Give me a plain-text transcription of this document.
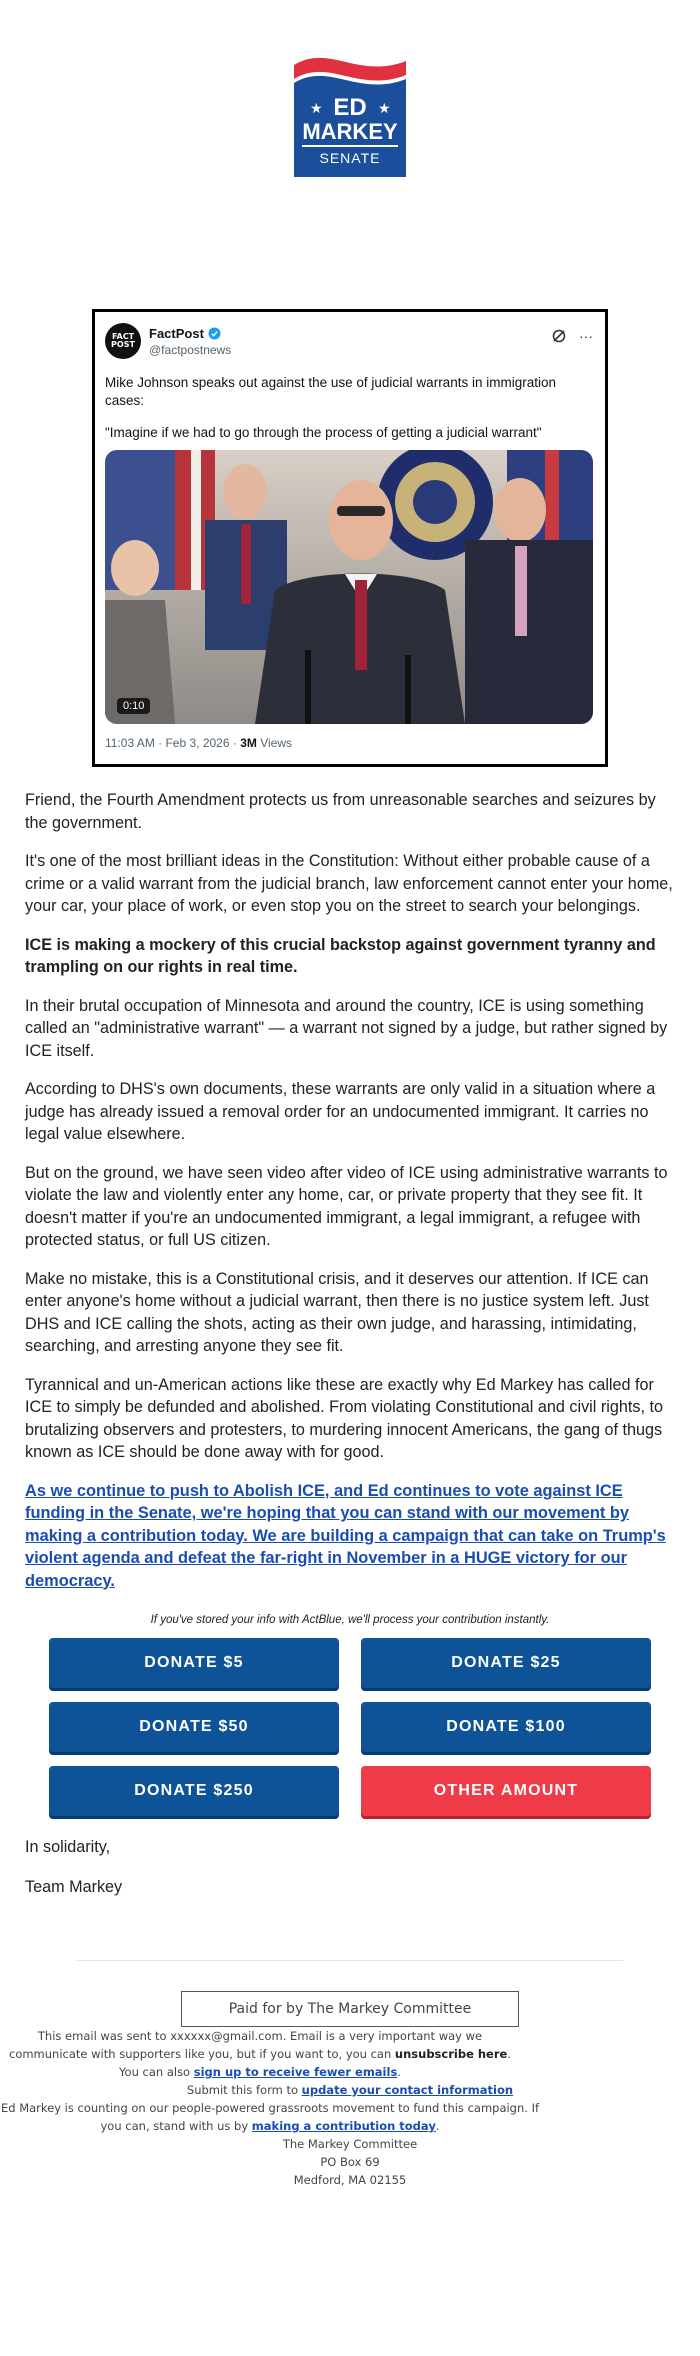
★	★
ED
MARKEY
SENATE
FACT POST
FactPost
@factpostnews
···

Mike Johnson speaks out against the use of judicial warrants in immigration cases:

"Imagine if we had to go through the process of getting a judicial warrant"

0:10
11:03 AM · Feb 3, 2026 · 3M Views

Friend, the Fourth Amendment protects us from unreasonable searches and seizures by the government.

It's one of the most brilliant ideas in the Constitution: Without either probable cause of a crime or a valid warrant from the judicial branch, law enforcement cannot enter your home, your car, your place of work, or even stop you on the street to search your belongings.

ICE is making a mockery of this crucial backstop against government tyranny and trampling on our rights in real time.

In their brutal occupation of Minnesota and around the country, ICE is using something called an "administrative warrant" — a warrant not signed by a judge, but rather signed by ICE itself.

According to DHS's own documents, these warrants are only valid in a situation where a judge has already issued a removal order for an undocumented immigrant. It carries no legal value elsewhere.

But on the ground, we have seen video after video of ICE using administrative warrants to violate the law and violently enter any home, car, or private property that they see fit. It doesn't matter if you're an undocumented immigrant, a legal immigrant, a refugee with protected status, or full US citizen.

Make no mistake, this is a Constitutional crisis, and it deserves our attention. If ICE can enter anyone's home without a judicial warrant, then there is no justice system left. Just DHS and ICE calling the shots, acting as their own judge, and harassing, intimidating, searching, and arresting anyone they see fit.

Tyrannical and un-American actions like these are exactly why Ed Markey has called for ICE to simply be defunded and abolished. From violating Constitutional and civil rights, to brutalizing observers and protesters, to murdering innocent Americans, the gang of thugs known as ICE should be done away with for good.

As we continue to push to Abolish ICE, and Ed continues to vote against ICE funding in the Senate, we're hoping that you can stand with our movement by making a contribution today. We are building a campaign that can take on Trump's violent agenda and defeat the far-right in November in a HUGE victory for our democracy.

If you've stored your info with ActBlue, we'll process your contribution instantly.

DONATE $5	DONATE $25
DONATE $50	DONATE $100
DONATE $250	OTHER AMOUNT

In solidarity,

Team Markey

Paid for by The Markey Committee

This email was sent to xxxxxx@gmail.com. Email is a very important way we communicate with supporters like you, but if you want to, you can unsubscribe here. You can also sign up to receive fewer emails.

Submit this form to update your contact information

Ed Markey is counting on our people-powered grassroots movement to fund this campaign. If you can, stand with us by making a contribution today.

The Markey Committee
PO Box 69
Medford, MA 02155
